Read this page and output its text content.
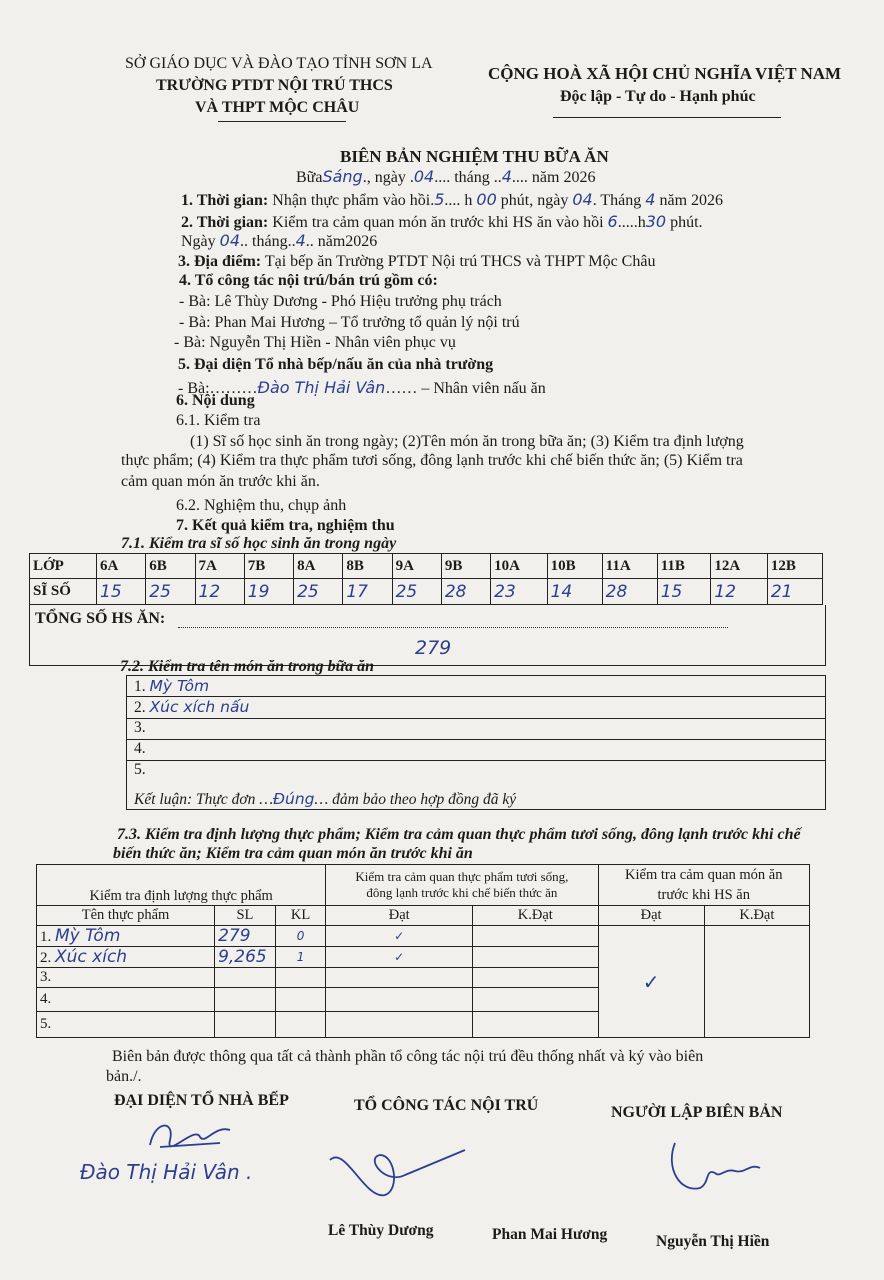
SỞ GIÁO DỤC VÀ ĐÀO TẠO TỈNH SƠN LA
TRƯỜNG PTDT NỘI TRÚ THCS
VÀ THPT MỘC CHÂU
CỘNG HOÀ XÃ HỘI CHỦ NGHĨA VIỆT NAM
Độc lập - Tự do - Hạnh phúc
BIÊN BẢN NGHIỆM THU BỮA ĂN
BữaSáng., ngày .04.... tháng ..4.... năm 2026
1. Thời gian: Nhận thực phẩm vào hồi.5.... h 00 phút, ngày 04. Tháng 4 năm 2026
2. Thời gian: Kiểm tra cảm quan món ăn trước khi HS ăn vào hồi 6.....h30 phút.
Ngày 04.. tháng..4.. năm2026
3. Địa điểm: Tại bếp ăn Trường PTDT Nội trú THCS và THPT Mộc Châu
4. Tổ công tác nội trú/bán trú gồm có:
- Bà: Lê Thùy Dương - Phó Hiệu trưởng phụ trách
- Bà: Phan Mai Hương – Tổ trưởng tổ quản lý nội trú
- Bà: Nguyễn Thị Hiền - Nhân viên phục vụ
5. Đại diện Tổ nhà bếp/nấu ăn của nhà trường
- Bà:………Đào Thị Hải Vân…… – Nhân viên nấu ăn
6. Nội dung
6.1. Kiểm tra
(1) Sĩ số học sinh ăn trong ngày; (2)Tên món ăn trong bữa ăn; (3) Kiểm tra định lượng
thực phẩm; (4) Kiểm tra thực phẩm tươi sống, đông lạnh trước khi chế biến thức ăn; (5) Kiểm tra
cảm quan món ăn trước khi ăn.
6.2. Nghiệm thu, chụp ảnh
7. Kết quả kiểm tra, nghiệm thu
7.1. Kiểm tra sĩ số học sinh ăn trong ngày
LỚP	6A	6B	7A	7B	8A	8B	9A	9B	10A	10B	11A	11B	12A	12B
SĨ SỐ	15	25	12	19	25	17	25	28	23	14	28	15	12	21
TỔNG SỐ HS ĂN:
279
7.2. Kiểm tra tên món ăn trong bữa ăn
1. Mỳ Tôm
2. Xúc xích nấu
3.
4.
5.
Kết luận: Thực đơn …Đúng… đảm bảo theo hợp đồng đã ký
7.3. Kiểm tra định lượng thực phẩm; Kiểm tra cảm quan thực phẩm tươi sống, đông lạnh trước khi chế
biến thức ăn; Kiểm tra cảm quan món ăn trước khi ăn
Kiểm tra định lượng thực phẩm			Kiểm tra cảm quan thực phẩm tươi sống,
đông lạnh trước khi chế biến thức ăn		Kiểm tra cảm quan món ăn
trước khi HS ăn	
Tên thực phẩm	SL	KL	Đạt	K.Đạt	Đạt	K.Đạt
1. Mỳ Tôm	279	0	✓		✓	
2. Xúc xích	9,265	1	✓			
3.						
4.						
5.						
Biên bản được thông qua tất cả thành phần tổ công tác nội trú đều thống nhất và ký vào biên
bản./.
ĐẠI DIỆN TỔ NHÀ BẾP	TỔ CÔNG TÁC NỘI TRÚ	NGƯỜI LẬP BIÊN BẢN
Đào Thị Hải Vân .
Lê Thùy Dương	Phan Mai Hương	Nguyễn Thị Hiền
